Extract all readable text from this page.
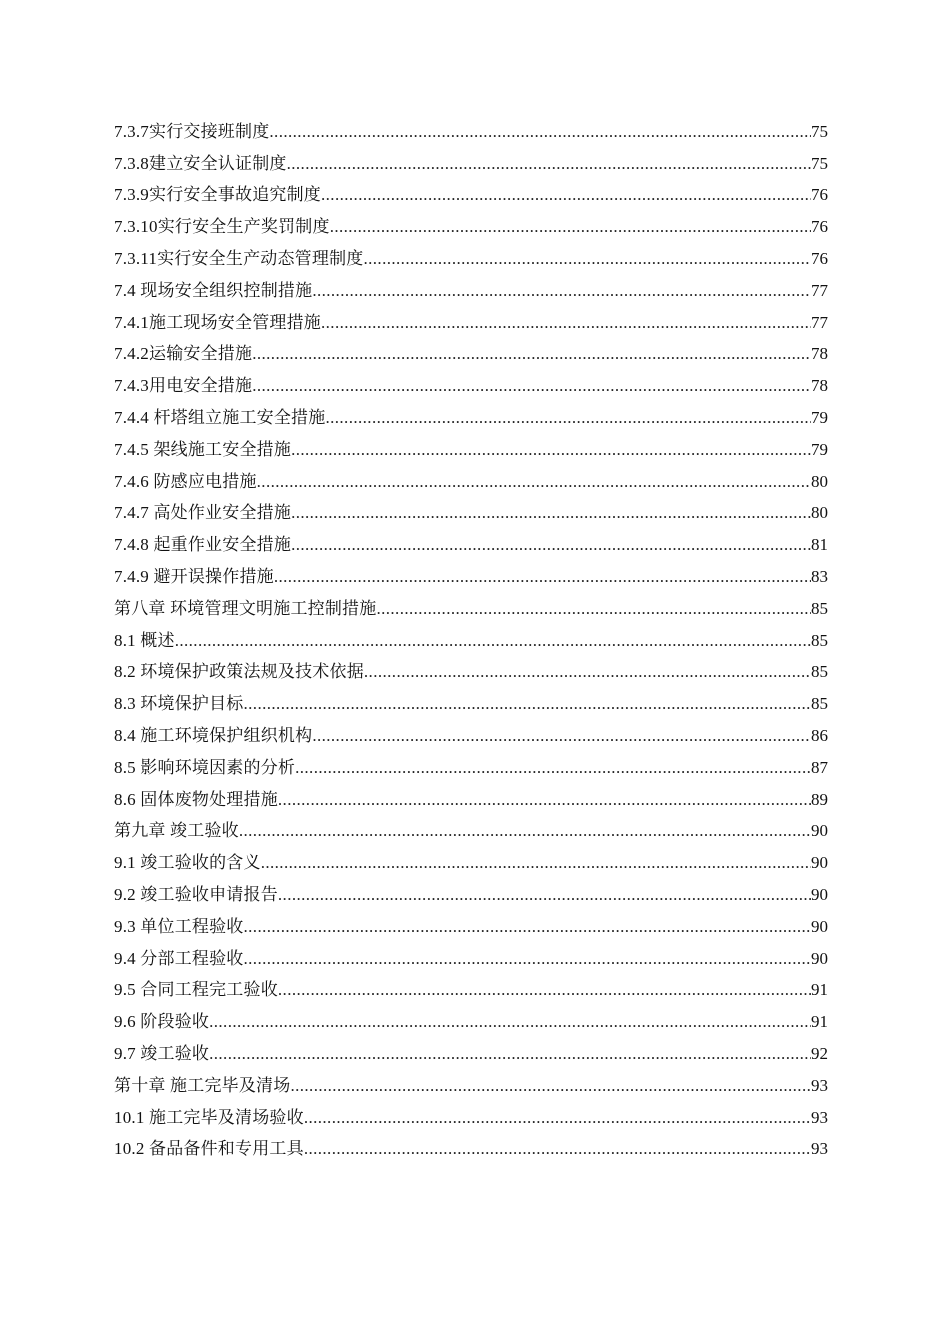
7.3.7实行交接班制度 .....	75
7.3.8建立安全认证制度 .....	75
7.3.9实行安全事故追究制度 .....	76
7.3.10实行安全生产奖罚制度 .....	76
7.3.11实行安全生产动态管理制度 .....	76
7.4 现场安全组织控制措施 .....	77
7.4.1施工现场安全管理措施 .....	77
7.4.2运输安全措施 .....	78
7.4.3用电安全措施 .....	78
7.4.4 杆塔组立施工安全措施 .....	79
7.4.5 架线施工安全措施 .....	79
7.4.6 防感应电措施 .....	80
7.4.7 高处作业安全措施 .....	80
7.4.8 起重作业安全措施 .....	81
7.4.9 避开误操作措施 .....	83
第八章 环境管理文明施工控制措施 .....	85
8.1 概述 .....	85
8.2 环境保护政策法规及技术依据 .....	85
8.3 环境保护目标 .....	85
8.4 施工环境保护组织机构 .....	86
8.5 影响环境因素的分析 .....	87
8.6 固体废物处理措施 .....	89
第九章 竣工验收 .....	90
9.1 竣工验收的含义 .....	90
9.2 竣工验收申请报告 .....	90
9.3 单位工程验收 .....	90
9.4 分部工程验收 .....	90
9.5 合同工程完工验收 .....	91
9.6 阶段验收 .....	91
9.7 竣工验收 .....	92
第十章 施工完毕及清场 .....	93
10.1 施工完毕及清场验收 .....	93
10.2 备品备件和专用工具 .....	93
